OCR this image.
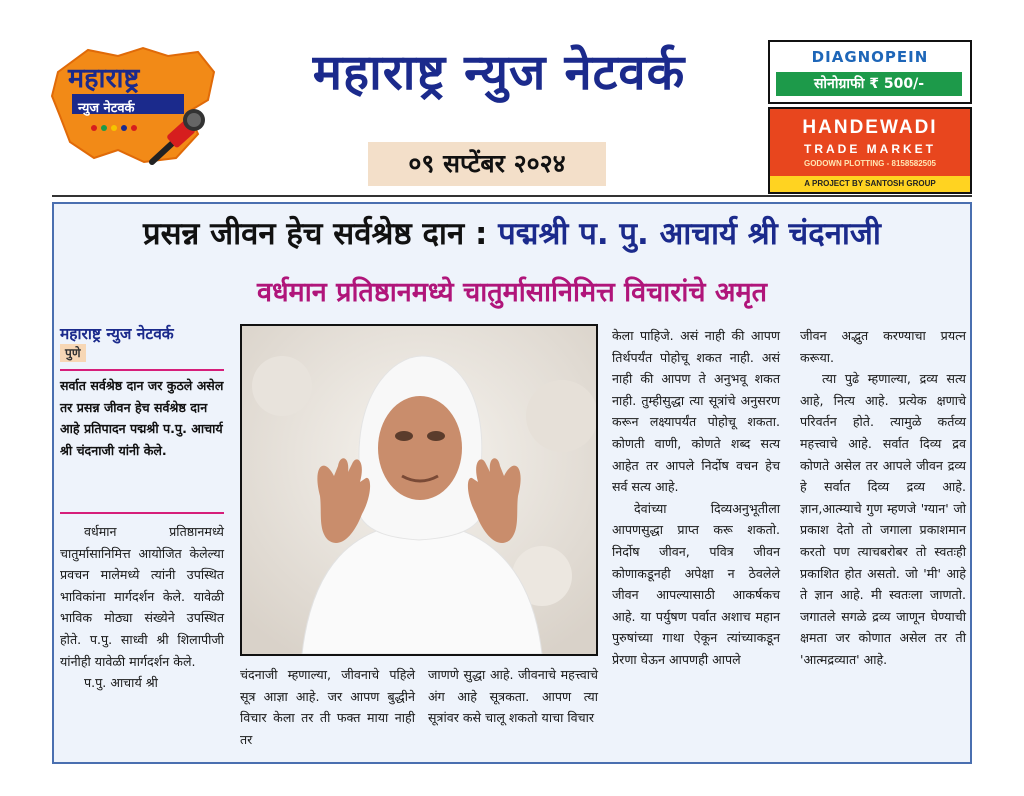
महाराष्ट्र
न्युज नेटवर्क
महाराष्ट्र न्युज नेटवर्क
०९ सप्टेंबर २०२४
DIAGNOPEIN
सोनोग्राफी ₹ 500/-
HANDEWADI
TRADE MARKET
GODOWN PLOTTING - 8158582505
A PROJECT BY SANTOSH GROUP
प्रसन्न जीवन हेच सर्वश्रेष्ठ दान : पद्मश्री प. पु. आचार्य श्री चंदनाजी
वर्धमान प्रतिष्ठानमध्ये चातुर्मासानिमित्त विचारांचे अमृत
महाराष्ट्र न्युज नेटवर्क
पुणे
सर्वात सर्वश्रेष्ठ दान जर कुठले असेल तर प्रसन्न जीवन हेच सर्वश्रेष्ठ दान आहे प्रतिपादन पद्मश्री प.पु. आचार्य श्री चंदनाजी यांनी केले.

वर्धमान प्रतिष्ठानमध्ये चातुर्मासानिमित्त आयोजित केलेल्या प्रवचन मालेमध्ये त्यांनी उपस्थित भाविकांना मार्गदर्शन केले. यावेळी भाविक मोठ्या संख्येने उपस्थित होते. प.पु. साध्वी श्री शिलापीजी यांनीही यावेळी मार्गदर्शन केले.

प.पु. आचार्य श्री

चंदनाजी म्हणाल्या, जीवनाचे पहिले सूत्र आज्ञा आहे. जर आपण बुद्धीने विचार केला तर ती फक्त माया नाही तर
जाणणे सुद्धा आहे. जीवनाचे महत्त्वाचे अंग आहे सूत्रकता. आपण त्या सूत्रांवर कसे चालू शकतो याचा विचार

केला पाहिजे. असं नाही की आपण तिर्थपर्यंत पोहोचू शकत नाही. असं नाही की आपण ते अनुभवू शकत नाही. तुम्हीसुद्धा त्या सूत्रांचे अनुसरण करून लक्ष्यापर्यंत पोहोचू शकता. कोणती वाणी, कोणते शब्द सत्य आहेत तर आपले निर्दोष वचन हेच सर्व सत्य आहे.

देवांच्या दिव्यअनुभूतीला आपणसुद्धा प्राप्त करू शकतो. निर्दोष जीवन, पवित्र जीवन कोणाकडूनही अपेक्षा न ठेवलेले जीवन आपल्यासाठी आकर्षकच आहे. या पर्युषण पर्वात अशाच महान पुरुषांच्या गाथा ऐकून त्यांच्याकडून प्रेरणा घेऊन आपणही आपले

जीवन अद्भुत करण्याचा प्रयत्न करूया.

त्या पुढे म्हणाल्या, द्रव्य सत्य आहे, नित्य आहे. प्रत्येक क्षणाचे परिवर्तन होते. त्यामुळे कर्तव्य महत्त्वाचे आहे. सर्वात दिव्य द्रव कोणते असेल तर आपले जीवन द्रव्य हे सर्वात दिव्य द्रव्य आहे. ज्ञान,आत्म्याचे गुण म्हणजे 'ग्यान' जो प्रकाश देतो तो जगाला प्रकाशमान करतो पण त्याचबरोबर तो स्वतःही प्रकाशित होत असतो. जो 'मी' आहे ते ज्ञान आहे. मी स्वतःला जाणतो. जगातले सगळे द्रव्य जाणून घेण्याची क्षमता जर कोणात असेल तर ती 'आत्मद्रव्यात' आहे.
